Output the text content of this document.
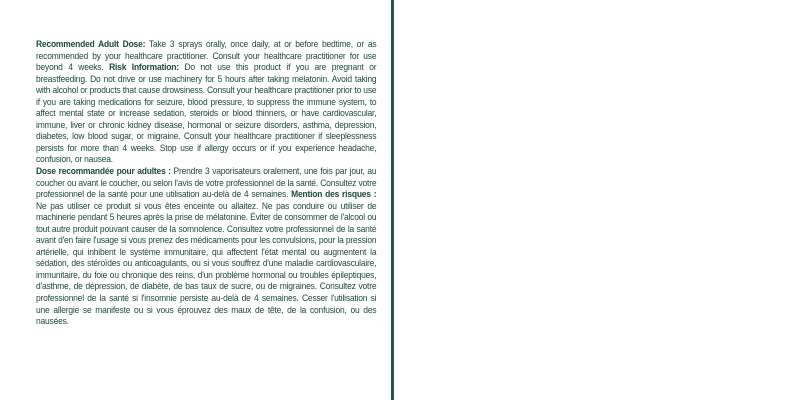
Recommended Adult Dose: Take 3 sprays orally, once daily, at or before bedtime, or as recommended by your healthcare practitioner. Consult your healthcare practitioner for use beyond 4 weeks. Risk Information: Do not use this product if you are pregnant or breastfeeding. Do not drive or use machinery for 5 hours after taking melatonin. Avoid taking with alcohol or products that cause drowsiness. Consult your healthcare practitioner prior to use if you are taking medications for seizure, blood pressure, to suppress the immune system, to affect mental state or increase sedation, steroids or blood thinners, or have cardiovascular, immune, liver or chronic kidney disease, hormonal or seizure disorders, asthma, depression, diabetes, low blood sugar, or migraine. Consult your healthcare practitioner if sleeplessness persists for more than 4 weeks. Stop use if allergy occurs or if you experience headache, confusion, or nausea.

Dose recommandée pour adultes : Prendre 3 vaporisateurs oralement, une fois par jour, au coucher ou avant le coucher, ou selon l'avis de votre professionnel de la santé. Consultez votre professionnel de la santé pour une utilisation au-delà de 4 semaines. Mention des risques : Ne pas utiliser ce produit si vous êtes enceinte ou allaitez. Ne pas conduire ou utiliser de machinerie pendant 5 heures après la prise de mélatonine. Éviter de consommer de l'alcool ou tout autre produit pouvant causer de la somnolence. Consultez votre professionnel de la santé avant d'en faire l'usage si vous prenez des médicaments pour les convulsions, pour la pression artérielle, qui inhibent le système immunitaire, qui affectent l'état mental ou augmentent la sédation, des stéroïdes ou anticoagulants, ou si vous souffrez d'une maladie cardiovasculaire, immunitaire, du foie ou chronique des reins, d'un problème hormonal ou troubles épileptiques, d'asthme, de dépression, de diabète, de bas taux de sucre, ou de migraines. Consultez votre professionnel de la santé si l'insomnie persiste au-delà de 4 semaines. Cesser l'utilisation si une allergie se manifeste ou si vous éprouvez des maux de tête, de la confusion, ou des nausées.
